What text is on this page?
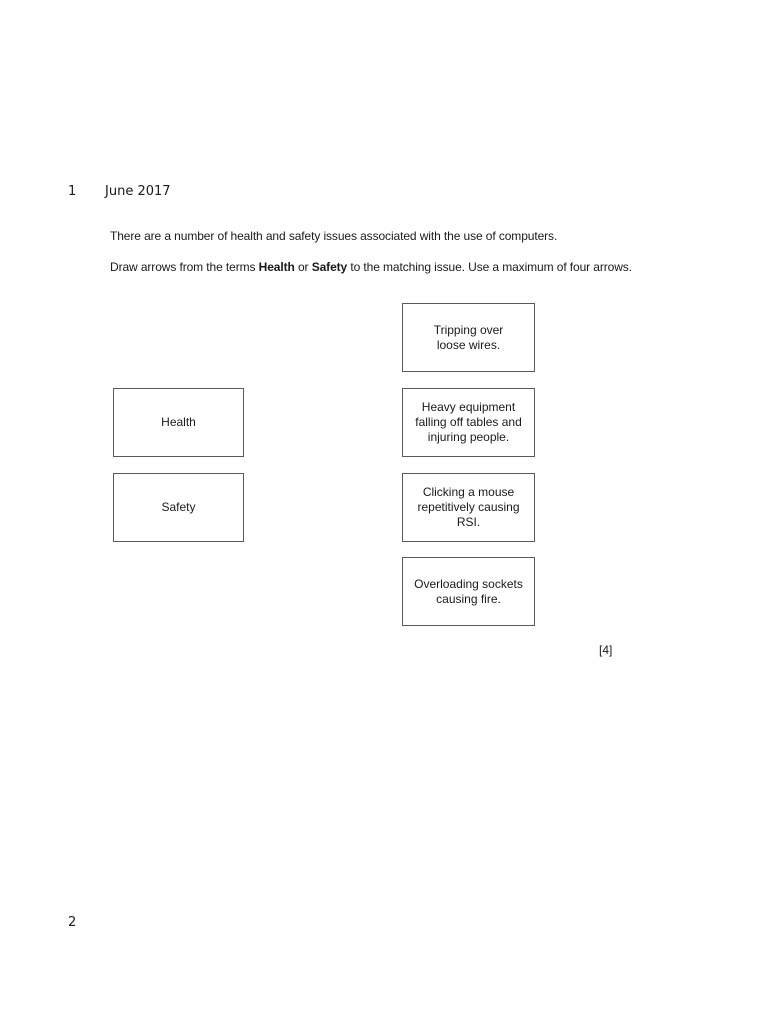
1 June 2017
There are a number of health and safety issues associated with the use of computers.
Draw arrows from the terms Health or Safety to the matching issue. Use a maximum of four arrows.
Health
Safety
Tripping over loose wires.
Heavy equipment falling off tables and injuring people.
Clicking a mouse repetitively causing RSI.
Overloading sockets causing fire.
[4]
2
